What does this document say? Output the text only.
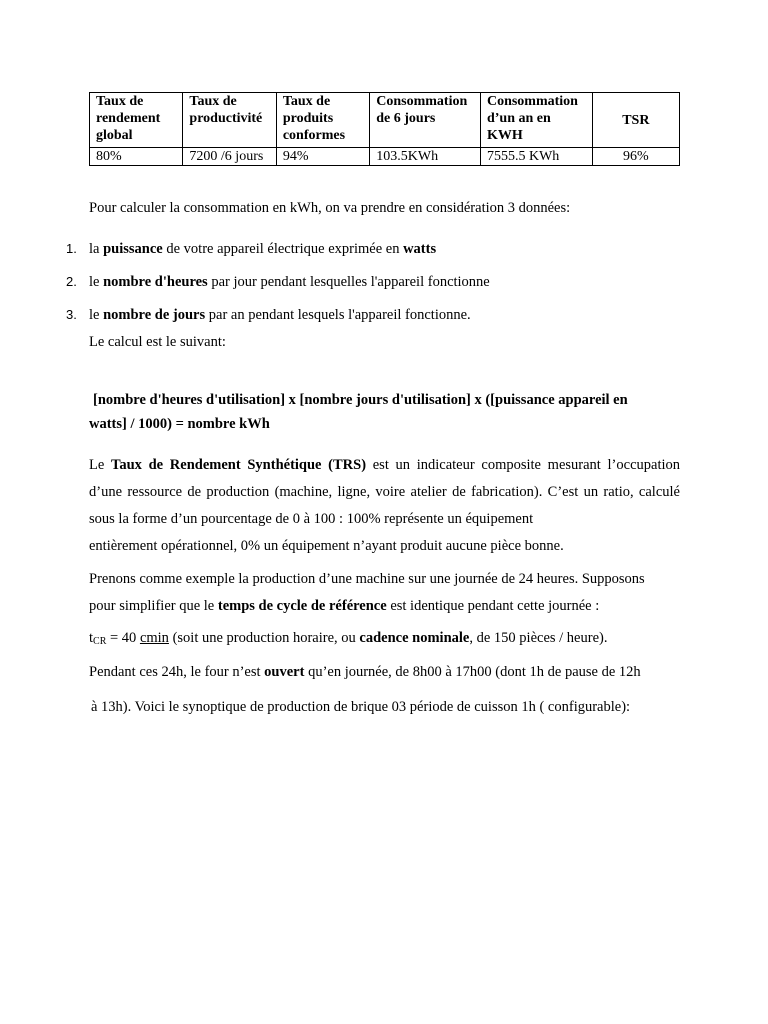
Taux de rendement global	Taux de productivité	Taux de produits conformes	Consommation de 6 jours	Consommation d’un an en KWH	TSR
80%	7200 /6 jours	94%	103.5KWh	7555.5 KWh	96%
Pour calculer la consommation en kWh, on va prendre en considération 3 données:
1. la puissance de votre appareil électrique exprimée en watts
2. le nombre d'heures par jour pendant lesquelles l'appareil fonctionne
3. le nombre de jours par an pendant lesquels l'appareil fonctionne.
Le calcul est le suivant:
[nombre d'heures d'utilisation] x [nombre jours d'utilisation] x ([puissance appareil en
watts] / 1000) = nombre kWh
Le Taux de Rendement Synthétique (TRS) est un indicateur composite mesurant l’occupation d’une ressource de production (machine, ligne, voire atelier de fabrication). C’est un ratio, calculé sous la forme d’un pourcentage de 0 à 100 : 100% représente un équipement
entièrement opérationnel, 0% un équipement n’ayant produit aucune pièce bonne.
Prenons comme exemple la production d’une machine sur une journée de 24 heures. Supposons
pour simplifier que le temps de cycle de référence est identique pendant cette journée :
$t_{CR} = 40$ cmin (soit une production horaire, ou cadence nominale, de 150 pièces / heure).
Pendant ces 24h, le four n’est ouvert qu’en journée, de 8h00 à 17h00 (dont 1h de pause de 12h
à 13h). Voici le synoptique de production de brique 03 période de cuisson 1h ( configurable):
